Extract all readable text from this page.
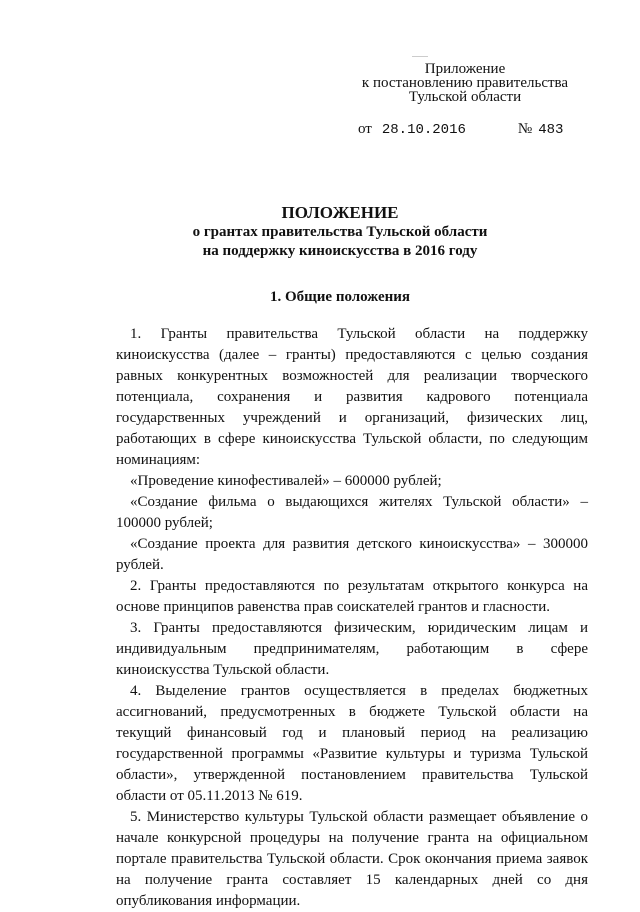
Приложение
к постановлению правительства
Тульской области
от 28.10.2016	№ 483
ПОЛОЖЕНИЕ
о грантах правительства Тульской области
на поддержку киноискусства в 2016 году
1. Общие положения

1. Гранты правительства Тульской области на поддержку киноискусства (далее – гранты) предоставляются с целью создания равных конкурентных возможностей для реализации творческого потенциала, сохранения и развития кадрового потенциала государственных учреждений и организаций, физических лиц, работающих в сфере киноискусства Тульской области, по следующим номинациям:

«Проведение кинофестивалей» – 600000 рублей;

«Создание фильма о выдающихся жителях Тульской области» – 100000 рублей;

«Создание проекта для развития детского киноискусства» – 300000 рублей.

2. Гранты предоставляются по результатам открытого конкурса на основе принципов равенства прав соискателей грантов и гласности.

3. Гранты предоставляются физическим, юридическим лицам и индивидуальным предпринимателям, работающим в сфере киноискусства Тульской области.

4. Выделение грантов осуществляется в пределах бюджетных ассигнований, предусмотренных в бюджете Тульской области на текущий финансовый год и плановый период на реализацию государственной программы «Развитие культуры и туризма Тульской области», утвержденной постановлением правительства Тульской области от 05.11.2013 № 619.

5. Министерство культуры Тульской области размещает объявление о начале конкурсной процедуры на получение гранта на официальном портале правительства Тульской области. Срок окончания приема заявок на получение гранта составляет 15 календарных дней со дня опубликования информации.
